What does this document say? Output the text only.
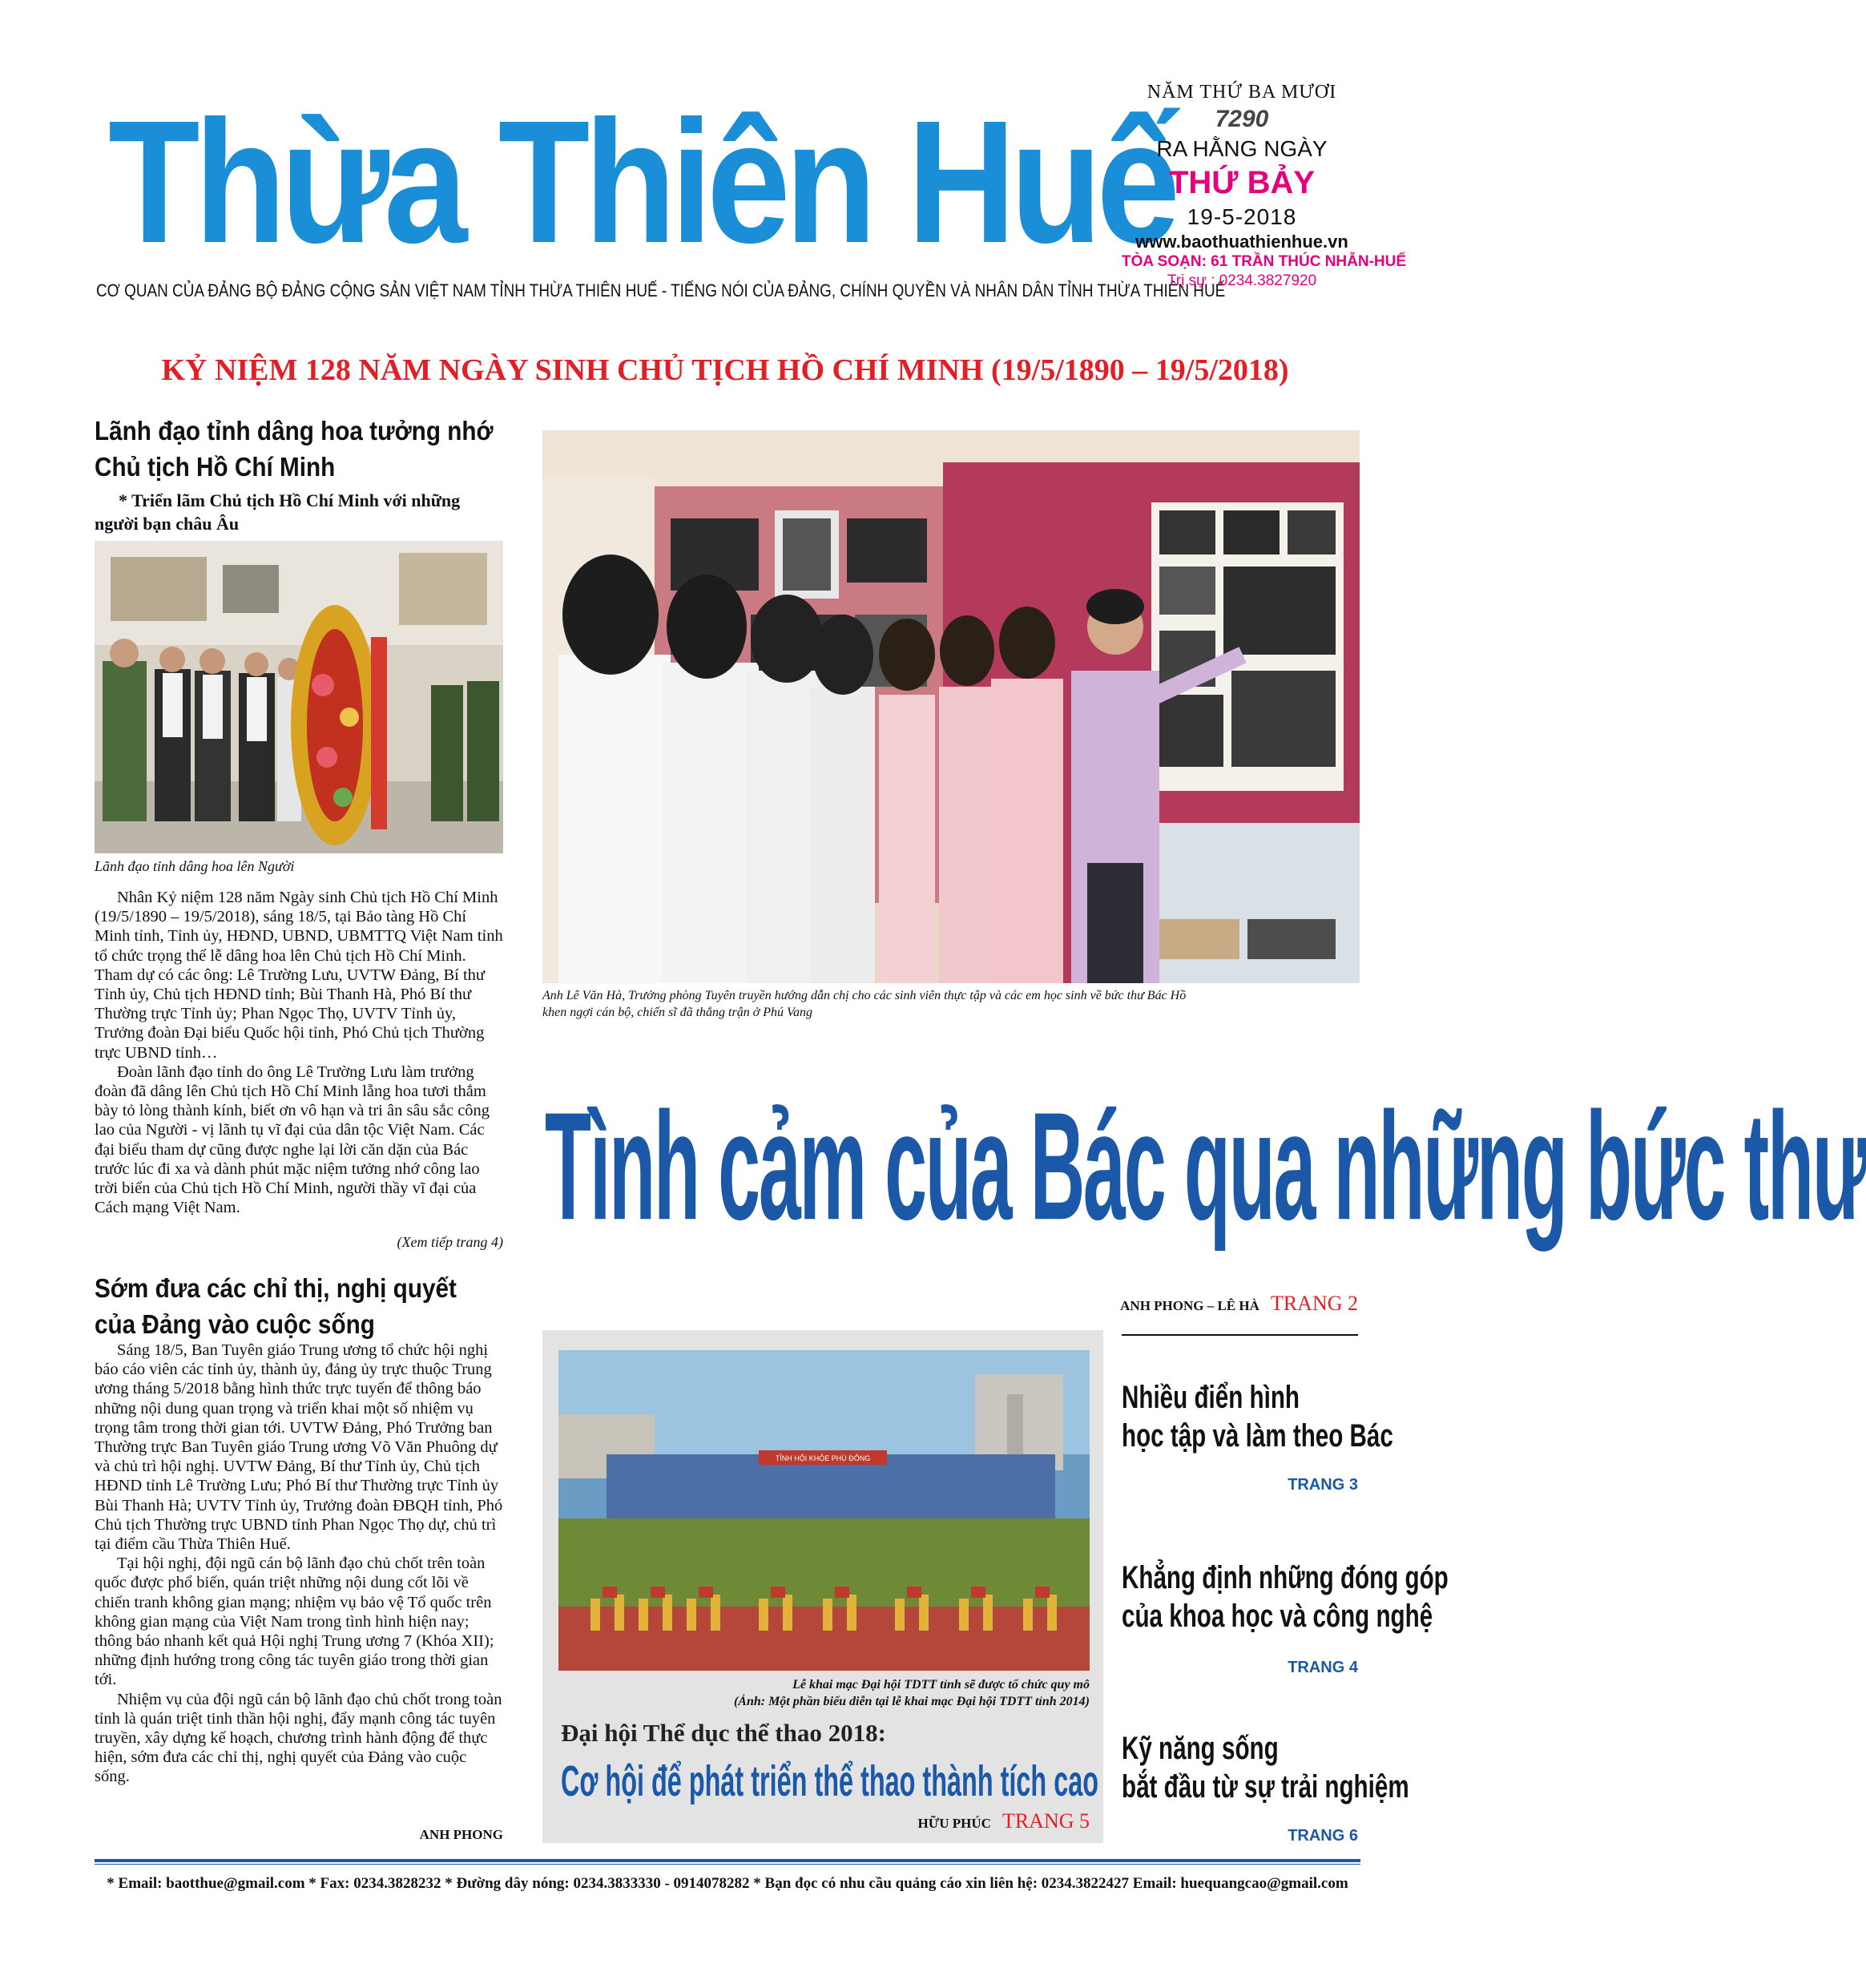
Thừa Thiên Huế
CƠ QUAN CỦA ĐẢNG BỘ ĐẢNG CỘNG SẢN VIỆT NAM TỈNH THỪA THIÊN HUẾ - TIẾNG NÓI CỦA ĐẢNG, CHÍNH QUYỀN VÀ NHÂN DÂN TỈNH THỪA THIÊN HUẾ
NĂM THỨ BA MƯƠI
7290
RA HẰNG NGÀY
THỨ BẢY
19-5-2018
www.baothuathienhue.vn
TÒA SOẠN: 61 TRẦN THÚC NHẪN-HUẾ
Trị sự : 0234.3827920
KỶ NIỆM 128 NĂM NGÀY SINH CHỦ TỊCH HỒ CHÍ MINH (19/5/1890 – 19/5/2018)
Lãnh đạo tỉnh dâng hoa tưởng nhớ
Chủ tịch Hồ Chí Minh
* Triển lãm Chủ tịch Hồ Chí Minh với những người bạn châu Âu
Lãnh đạo tỉnh dâng hoa lên Người

Nhân Kỷ niệm 128 năm Ngày sinh Chủ tịch Hồ Chí Minh (19/5/1890 – 19/5/2018), sáng 18/5, tại Bảo tàng Hồ Chí Minh tỉnh, Tỉnh ủy, HĐND, UBND, UBMTTQ Việt Nam tỉnh tổ chức trọng thể lễ dâng hoa lên Chủ tịch Hồ Chí Minh. Tham dự có các ông: Lê Trường Lưu, UVTW Đảng, Bí thư Tỉnh ủy, Chủ tịch HĐND tỉnh; Bùi Thanh Hà, Phó Bí thư Thường trực Tỉnh ủy; Phan Ngọc Thọ, UVTV Tỉnh ủy, Trưởng đoàn Đại biểu Quốc hội tỉnh, Phó Chủ tịch Thường trực UBND tỉnh…

Đoàn lãnh đạo tỉnh do ông Lê Trường Lưu làm trưởng đoàn đã dâng lên Chủ tịch Hồ Chí Minh lẵng hoa tươi thắm bày tỏ lòng thành kính, biết ơn vô hạn và tri ân sâu sắc công lao của Người - vị lãnh tụ vĩ đại của dân tộc Việt Nam. Các đại biểu tham dự cũng được nghe lại lời căn dặn của Bác trước lúc đi xa và dành phút mặc niệm tưởng nhớ công lao trời biển của Chủ tịch Hồ Chí Minh, người thầy vĩ đại của Cách mạng Việt Nam.

(Xem tiếp trang 4)
Sớm đưa các chỉ thị, nghị quyết
của Đảng vào cuộc sống

Sáng 18/5, Ban Tuyên giáo Trung ương tổ chức hội nghị báo cáo viên các tỉnh ủy, thành ủy, đảng ủy trực thuộc Trung ương tháng 5/2018 bằng hình thức trực tuyến để thông báo những nội dung quan trọng và triển khai một số nhiệm vụ trọng tâm trong thời gian tới. UVTW Đảng, Phó Trưởng ban Thường trực Ban Tuyên giáo Trung ương Võ Văn Phuông dự và chủ trì hội nghị. UVTW Đảng, Bí thư Tỉnh ủy, Chủ tịch HĐND tỉnh Lê Trường Lưu; Phó Bí thư Thường trực Tỉnh ủy Bùi Thanh Hà; UVTV Tỉnh ủy, Trưởng đoàn ĐBQH tỉnh, Phó Chủ tịch Thường trực UBND tỉnh Phan Ngọc Thọ dự, chủ trì tại điểm cầu Thừa Thiên Huế.

Tại hội nghị, đội ngũ cán bộ lãnh đạo chủ chốt trên toàn quốc được phổ biến, quán triệt những nội dung cốt lõi về chiến tranh không gian mạng; nhiệm vụ bảo vệ Tổ quốc trên không gian mạng của Việt Nam trong tình hình hiện nay; thông báo nhanh kết quả Hội nghị Trung ương 7 (Khóa XII); những định hướng trong công tác tuyên giáo trong thời gian tới.

Nhiệm vụ của đội ngũ cán bộ lãnh đạo chủ chốt trong toàn tỉnh là quán triệt tinh thần hội nghị, đẩy mạnh công tác tuyên truyền, xây dựng kế hoạch, chương trình hành động để thực hiện, sớm đưa các chỉ thị, nghị quyết của Đảng vào cuộc sống.

ANH PHONG
Anh Lê Văn Hà, Trưởng phòng Tuyên truyền hướng dẫn chị cho các sinh viên thực tập và các em học sinh về bức thư Bác Hồ
khen ngợi cán bộ, chiến sĩ đã thắng trận ở Phú Vang
Tình cảm của Bác qua những bức thư
ANH PHONG – LÊ HÀ TRANG 2
TỈNH HỘI KHỎE PHÙ ĐỔNG
Lễ khai mạc Đại hội TDTT tỉnh sẽ được tổ chức quy mô
(Ảnh: Một phần biểu diễn tại lễ khai mạc Đại hội TDTT tỉnh 2014)
Đại hội Thể dục thể thao 2018:
Cơ hội để phát triển thể thao thành tích cao
HỮU PHÚC TRANG 5
Nhiều điển hình
học tập và làm theo Bác
TRANG 3
Khẳng định những đóng góp
của khoa học và công nghệ
TRANG 4
Kỹ năng sống
bắt đầu từ sự trải nghiệm
TRANG 6
* Email: baotthue@gmail.com * Fax: 0234.3828232 * Đường dây nóng: 0234.3833330 - 0914078282 * Bạn đọc có nhu cầu quảng cáo xin liên hệ: 0234.3822427 Email: huequangcao@gmail.com
